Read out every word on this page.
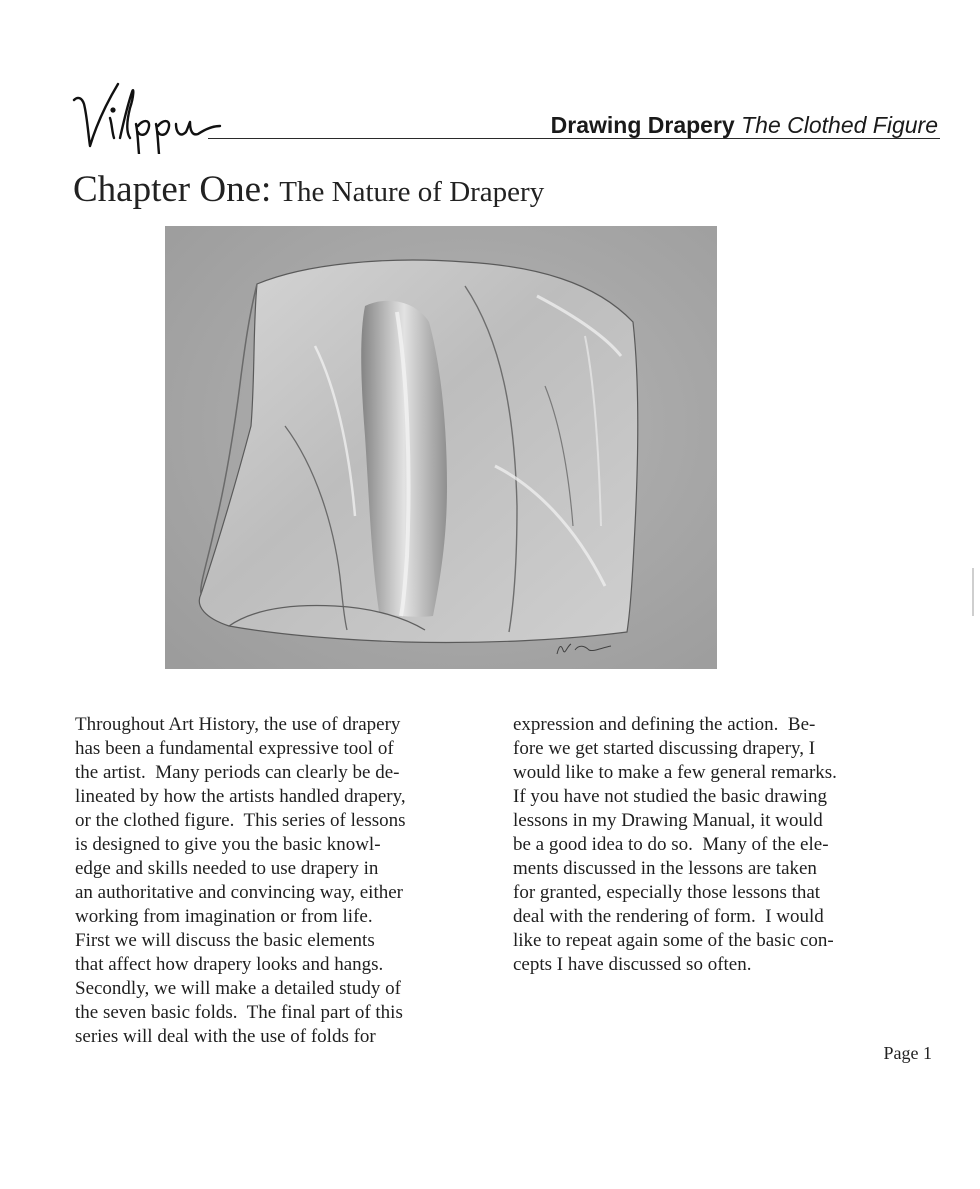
Drawing Drapery The Clothed Figure
Chapter One: The Nature of Drapery
Throughout Art History, the use of drapery
has been a fundamental expressive tool of
the artist.  Many periods can clearly be de-
lineated by how the artists handled drapery,
or the clothed figure.  This series of lessons
is designed to give you the basic knowl-
edge and skills needed to use drapery in
an authoritative and convincing way, either
working from imagination or from life.
First we will discuss the basic elements
that affect how drapery looks and hangs.
Secondly, we will make a detailed study of
the seven basic folds.  The final part of this
series will deal with the use of folds for
expression and defining the action.  Be-
fore we get started discussing drapery, I
would like to make a few general remarks.
If you have not studied the basic drawing
lessons in my Drawing Manual, it would
be a good idea to do so.  Many of the ele-
ments discussed in the lessons are taken
for granted, especially those lessons that
deal with the rendering of form.  I would
like to repeat again some of the basic con-
cepts I have discussed so often.
Page 1
